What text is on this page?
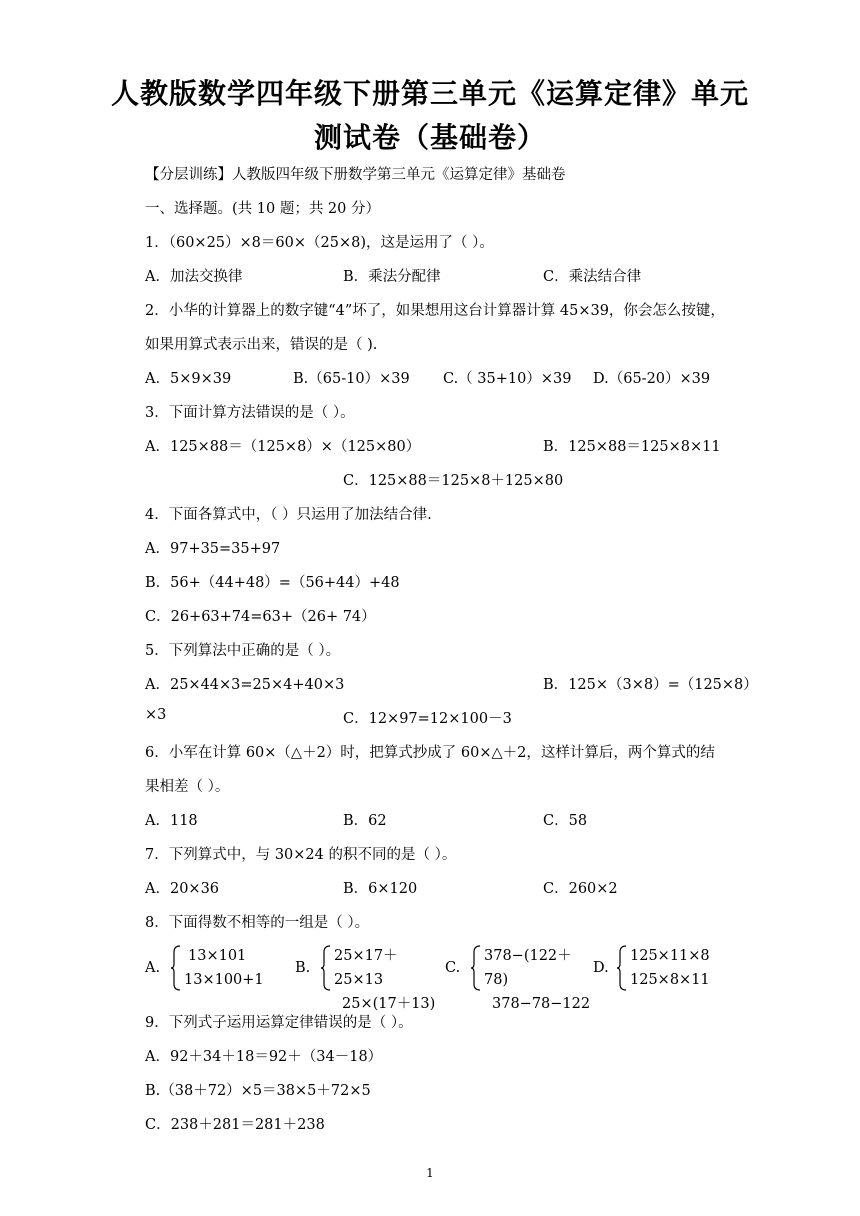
人教版数学四年级下册第三单元《运算定律》单元
测试卷（基础卷）
【分层训练】人教版四年级下册数学第三单元《运算定律》基础卷
一、选择题。(共 10 题；共 20 分）
1．（60×25）×8＝60×（25×8)，这是运用了（ ）。
A．加法交换律	B．乘法分配律	C．乘法结合律
2．小华的计算器上的数字键“4”坏了，如果想用这台计算器计算 45×39，你会怎么按键，
如果用算式表示出来，错误的是（ ).
A．5×9×39	B.（65-10）×39 C.（ 35+10）×39 D.（65-20）×39
3．下面计算方法错误的是（ ）。
A．125×88＝（125×8）×（125×80）	B．125×88＝125×8×11
C．125×88＝125×8＋125×80
4．下面各算式中，（ ）只运用了加法结合律.
A．97+35=35+97
B．56+（44+48）=（56+44）+48
C．26+63+74=63+（26+ 74）
5．下列算法中正确的是（ ）。
A．25×44×3=25×4+40×3	B．125×（3×8）=（125×8）
×3	C．12×97=12×100－3
6．小军在计算 60×（△＋2）时，把算式抄成了 60×△＋2，这样计算后，两个算式的结
果相差（ ）。
A．118	B．62	C．58
7．下列算式中，与 30×24 的积不同的是（ ）。
A．20×36	B．6×120	C．260×2
8．下面得数不相等的一组是（ ）。
A.
13×101
13×100+1
B.
25×17＋25×13
25×(17＋13)
C.
378−(122＋78)
378−78−122
D.
125×11×8
125×8×11
9．下列式子运用运算定律错误的是（ ）。
A．92＋34＋18＝92＋（34－18）
B.（38＋72）×5＝38×5＋72×5
C．238＋281＝281＋238
1
